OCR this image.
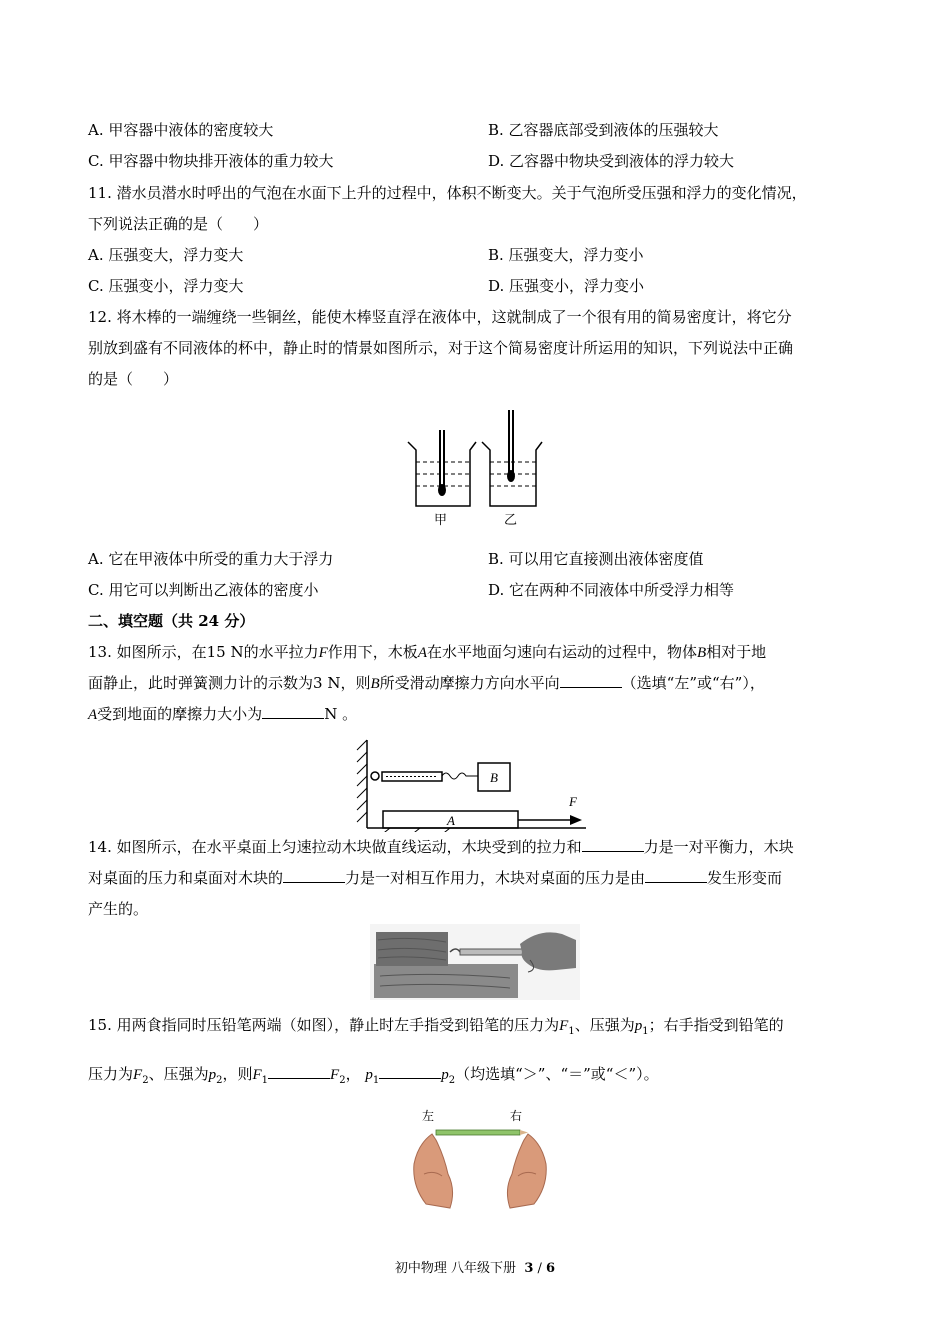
A. 甲容器中液体的密度较大	B. 乙容器底部受到液体的压强较大
C. 甲容器中物块排开液体的重力较大	D. 乙容器中物块受到液体的浮力较大
11. 潜水员潜水时呼出的气泡在水面下上升的过程中，体积不断变大。关于气泡所受压强和浮力的变化情况，
下列说法正确的是（　　）
A. 压强变大，浮力变大	B. 压强变大，浮力变小
C. 压强变小，浮力变大	D. 压强变小，浮力变小
12. 将木棒的一端缠绕一些铜丝，能使木棒竖直浮在液体中，这就制成了一个很有用的简易密度计，将它分
别放到盛有不同液体的杯中，静止时的情景如图所示，对于这个简易密度计所运用的知识，下列说法中正确
的是（　　）
甲	乙
A. 它在甲液体中所受的重力大于浮力	B. 可以用它直接测出液体密度值
C. 用它可以判断出乙液体的密度小	D. 它在两种不同液体中所受浮力相等
二、填空题（共 24 分）
13. 如图所示，在15 N的水平拉力F作用下，木板A在水平地面匀速向右运动的过程中，物体B相对于地
面静止，此时弹簧测力计的示数为3 N，则B所受滑动摩擦力方向水平向	（选填“左”或“右”），
A受到地面的摩擦力大小为	N 。
B
A
F
14. 如图所示，在水平桌面上匀速拉动木块做直线运动，木块受到的拉力和	力是一对平衡力，木块
对桌面的压力和桌面对木块的	力是一对相互作用力，木块对桌面的压力是由	发生形变而
产生的。
15. 用两食指同时压铅笔两端（如图），静止时左手指受到铅笔的压力为$F_1$、压强为$p_1$；右手指受到铅笔的
压力为$F_2$、压强为$p_2$，则$F_1$	$F_2$， $p_1$	$p_2$（均选填“＞”、“＝”或“＜”）。
左	右
初中物理 八年级下册 3 / 6
